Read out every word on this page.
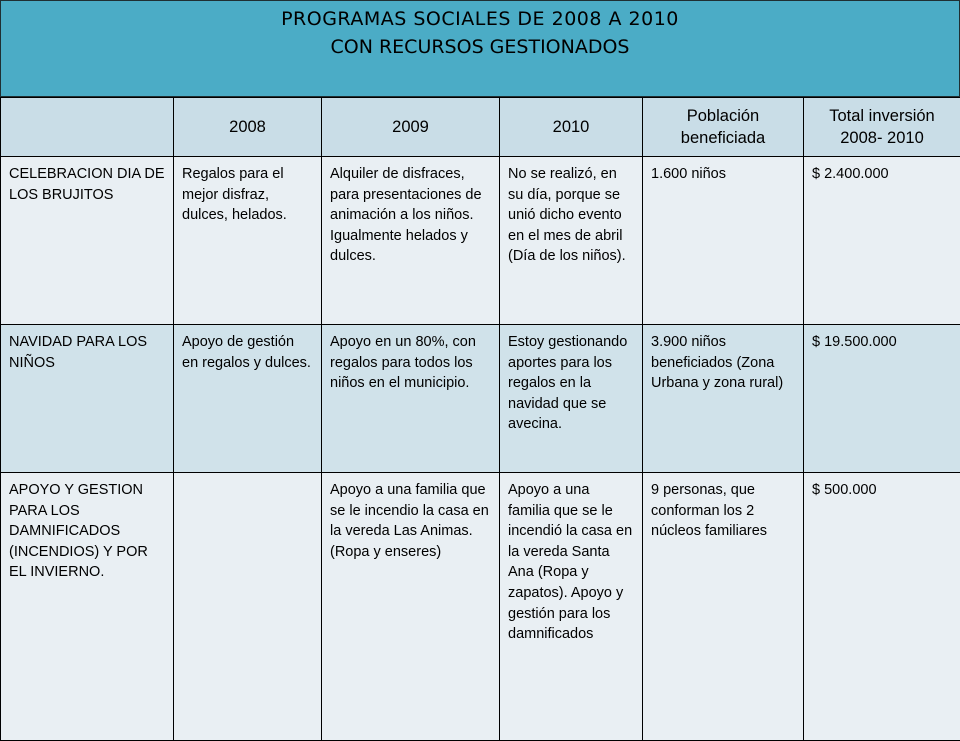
PROGRAMAS SOCIALES DE 2008 A 2010
CON RECURSOS GESTIONADOS
	2008	2009	2010	Población beneficiada	Total inversión 2008- 2010
CELEBRACION DIA DE LOS BRUJITOS	Regalos para el mejor disfraz, dulces, helados.	Alquiler de disfraces, para presentaciones de animación a los niños. Igualmente helados y dulces.	No se realizó, en su día, porque se unió dicho evento en el mes de abril (Día de los niños).	1.600 niños	$ 2.400.000
NAVIDAD PARA LOS NIÑOS	Apoyo de gestión en regalos y dulces.	Apoyo en un 80%, con regalos para todos los niños en el municipio.	Estoy gestionando aportes para los regalos en la navidad que se avecina.	3.900 niños beneficiados (Zona Urbana y zona rural)	$ 19.500.000
APOYO Y GESTION PARA LOS DAMNIFICADOS (INCENDIOS) Y POR EL INVIERNO.		Apoyo a una familia que se le incendio la casa en la vereda Las Animas.(Ropa y enseres)	Apoyo a una familia que se le incendió la casa en la vereda Santa Ana (Ropa y zapatos). Apoyo y gestión para los damnificados	9 personas, que conforman los 2 núcleos familiares	$ 500.000
